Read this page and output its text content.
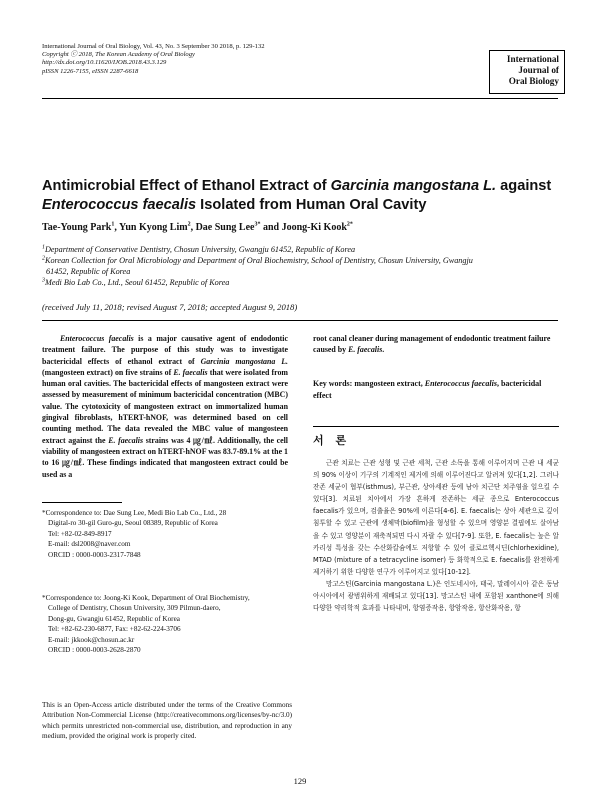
International Journal of Oral Biology, Vol. 43, No. 3 September 30 2018, p. 129-132
Copyright ⓒ 2018, The Korean Academy of Oral Biology
http://dx.doi.org/10.11620/IJOB.2018.43.3.129
pISSN 1226-7155, eISSN 2287-6618
International
Journal of
Oral Biology
Antimicrobial Effect of Ethanol Extract of Garcinia mangostana L. against
Enterococcus faecalis Isolated from Human Oral Cavity
Tae-Young Park$^1$, Yun Kyong Lim$^2$, Dae Sung Lee$^{3*}$ and Joong-Ki Kook$^{2*}$
$^1$Department of Conservative Dentistry, Chosun University, Gwangju 61452, Republic of Korea
$^2$Korean Collection for Oral Microbiology and Department of Oral Biochemistry, School of Dentistry, Chosun University, Gwangju
61452, Republic of Korea
$^3$Medi Bio Lab Co., Ltd., Seoul 61452, Republic of Korea
(received July 11, 2018; revised August 7, 2018; accepted August 9, 2018)
Enterococcus faecalis is a major causative agent of endodontic treatment failure. The purpose of this study was to investigate bactericidal effects of ethanol extract of Garcinia mangostana L. (mangosteen extract) on five strains of E. faecalis that were isolated from human oral cavities. The bactericidal effects of mangosteen extract were assessed by measurement of minimum bactericidal concentration (MBC) value. The cytotoxicity of mangosteen extract on immortalized human gingival fibroblasts, hTERT-hNOF, was determined based on cell counting method. The data revealed the MBC value of mangosteen extract against the E. faecalis strains was 4 ㎍/㎖. Additionally, the cell viability of mangosteen extract on hTERT-hNOF was 83.7-89.1% at the 1 to 16 ㎍/㎖. These findings indicated that mangosteen extract could be used as a
root canal cleaner during management of endodontic treatment failure caused by E. faecalis.
Key words: mangosteen extract, Enterococcus faecalis, bactericidal effect
서 론

근관 치료는 근관 성형 및 근관 세척, 근관 소독을 통해 이루어지며 근관 내 세균의 90% 이상이 기구의 기계적인 제거에 의해 이루어진다고 알려져 있다[1,2]. 그러나 잔존 세균이 협부(isthmus), 부근관, 상아세관 등에 남아 치근단 치주염을 일으킬 수 있다[3]. 치료된 치아에서 가장 흔하게 잔존하는 세균 종으로 Enterococcus faecalis가 있으며, 검출율은 90%에 이른다[4-6]. E. faecalis는 상아 세관으로 깊이 침투할 수 있고 근관에 생체막(biofilm)을 형성할 수 있으며 영양분 결핍에도 살아남을 수 있고 영양분이 재축적되면 다시 자랄 수 있다[7-9]. 또한, E. faecalis는 높은 알카리성 특성을 갖는 수산화칼슘에도 저항할 수 있어 클로르헥시딘(chlorhexidine), MTAD (mixture of a tetracycline isomer) 등 화학적으로 E. faecalis를 완전하게 제거하기 위한 다양한 연구가 이루어지고 있다[10-12].

망고스틴(Garcinia mangostana L.)은 인도네시아, 태국, 말레이시아 같은 동남아시아에서 광범위하게 재배되고 있다[13]. 망고스틴 내에 포함된 xanthone에 의해 다양한 약리학적 효과를 나타내며, 항염증작용, 항암작용, 항산화작용, 항

*Correspondence to: Dae Sung Lee, Medi Bio Lab Co., Ltd., 28
Digital-ro 30-gil Guro-gu, Seoul 08389, Republic of Korea
Tel: +82-02-849-8917
E-mail: dsl2008@naver.com
ORCID : 0000-0003-2317-7848
*Correspondence to: Joong-Ki Kook, Department of Oral Biochemistry,
College of Dentistry, Chosun University, 309 Pilmun-daero,
Dong-gu, Gwangju 61452, Republic of Korea
Tel: +82-62-230-6877, Fax: +82-62-224-3706
E-mail: jkkook@chosun.ac.kr
ORCID : 0000-0003-2628-2870
This is an Open-Access article distributed under the terms of the Creative Commons Attribution Non-Commercial License (http://creativecommons.org/licenses/by-nc/3.0) which permits unrestricted non-commercial use, distribution, and reproduction in any medium, provided the original work is properly cited.
129
